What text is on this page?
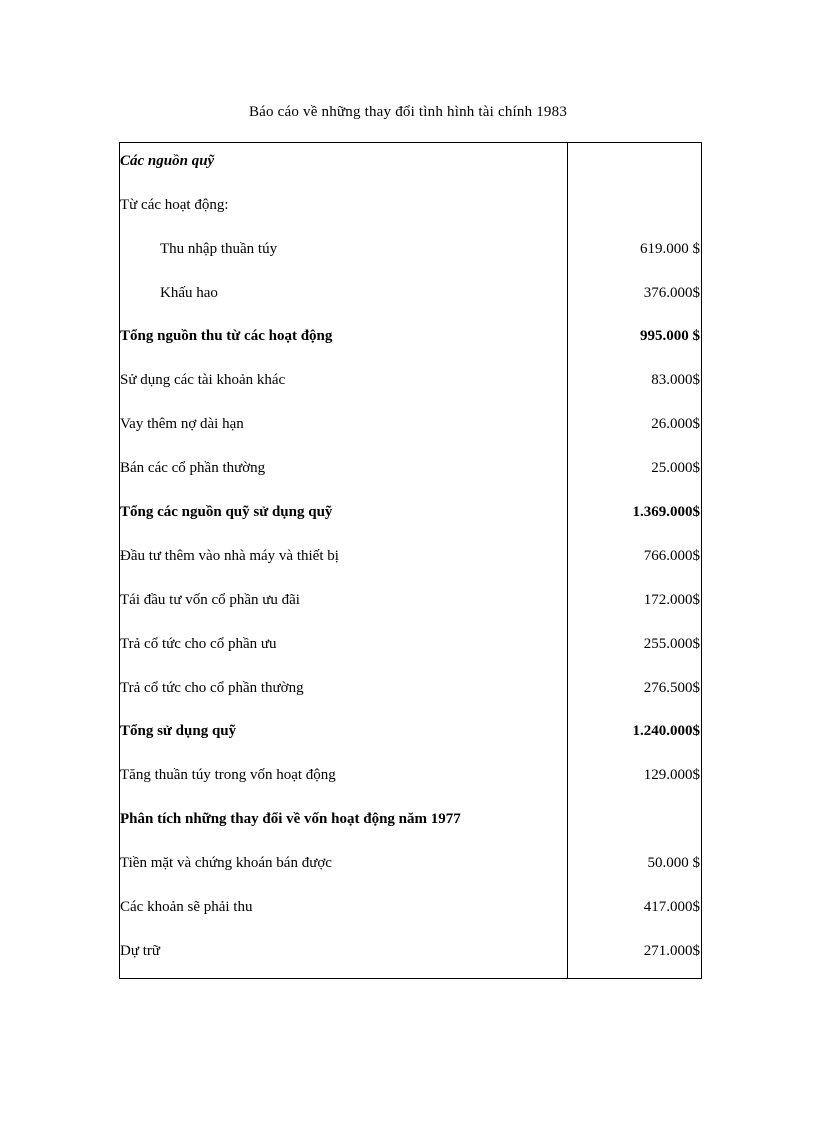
Báo cáo về những thay đổi tình hình tài chính 1983
Các nguồn quỹ
Từ các hoạt động:
Thu nhập thuần túy	619.000 $
Khấu hao	376.000$
Tổng nguồn thu từ các hoạt động	995.000 $
Sử dụng các tài khoản khác	83.000$
Vay thêm nợ dài hạn	26.000$
Bán các cổ phần thường	25.000$
Tổng các nguồn quỹ sử dụng quỹ	1.369.000$
Đầu tư thêm vào nhà máy và thiết bị	766.000$
Tái đầu tư vốn cổ phần ưu đãi	172.000$
Trả cổ tức cho cổ phần ưu	255.000$
Trả cổ tức cho cổ phần thường	276.500$
Tổng sử dụng quỹ	1.240.000$
Tăng thuần túy trong vốn hoạt động	129.000$
Phân tích những thay đổi về vốn hoạt động năm 1977
Tiền mặt và chứng khoán bán được	50.000 $
Các khoản sẽ phải thu	417.000$
Dự trữ	271.000$
